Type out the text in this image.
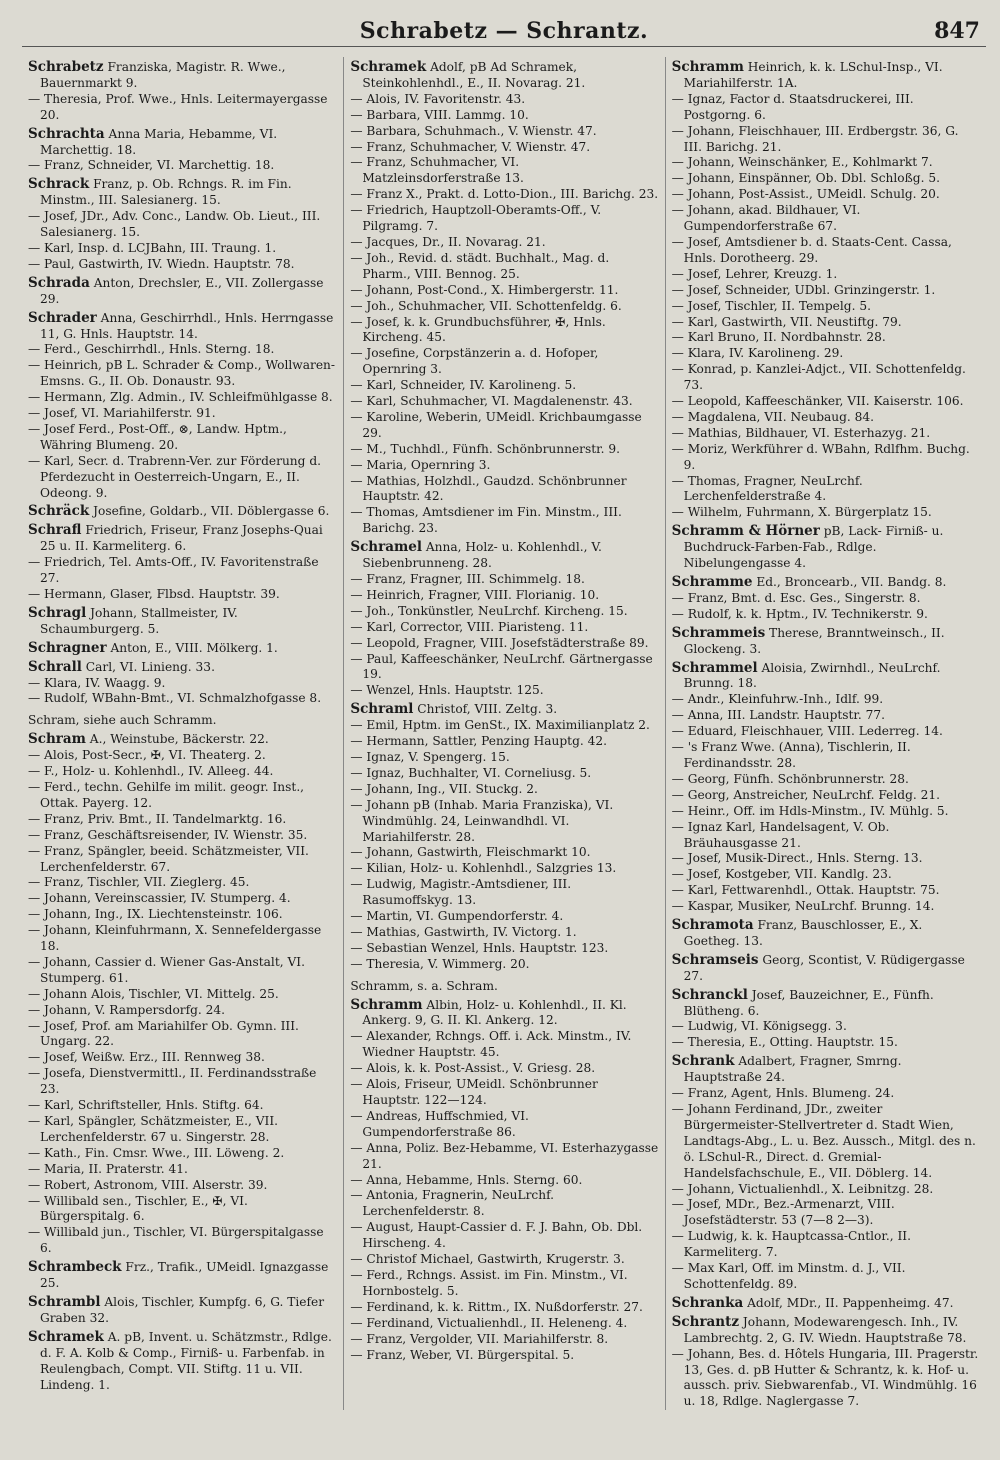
Schrabetz — Schrantz.	847

Schrabetz Franziska, Magistr. R. Wwe., Bauernmarkt 9.

— Theresia, Prof. Wwe., Hnls. Leitermayergasse 20.

Schrachta Anna Maria, Hebamme, VI. Marchettig. 18.

— Franz, Schneider, VI. Marchettig. 18.

Schrack Franz, p. Ob. Rchngs. R. im Fin. Minstm., III. Salesianerg. 15.

— Josef, JDr., Adv. Conc., Landw. Ob. Lieut., III. Salesianerg. 15.

— Karl, Insp. d. LCJBahn, III. Traung. 1.

— Paul, Gastwirth, IV. Wiedn. Hauptstr. 78.

Schrada Anton, Drechsler, E., VII. Zollergasse 29.

Schrader Anna, Geschirrhdl., Hnls. Herrngasse 11, G. Hnls. Hauptstr. 14.

— Ferd., Geschirrhdl., Hnls. Sterng. 18.

— Heinrich, pB L. Schrader & Comp., Wollwaren-Emsns. G., II. Ob. Donaustr. 93.

— Hermann, Zlg. Admin., IV. Schleifmühlgasse 8.

— Josef, VI. Mariahilferstr. 91.

— Josef Ferd., Post-Off., ⊗, Landw. Hptm., Währing Blumeng. 20.

— Karl, Secr. d. Trabrenn-Ver. zur Förderung d. Pferdezucht in Oesterreich-Ungarn, E., II. Odeong. 9.

Schräck Josefine, Goldarb., VII. Döblergasse 6.

Schrafl Friedrich, Friseur, Franz Josephs-Quai 25 u. II. Karmeliterg. 6.

— Friedrich, Tel. Amts-Off., IV. Favoritenstraße 27.

— Hermann, Glaser, Flbsd. Hauptstr. 39.

Schragl Johann, Stallmeister, IV. Schaumburgerg. 5.

Schragner Anton, E., VIII. Mölkerg. 1.

Schrall Carl, VI. Linieng. 33.

— Klara, IV. Waagg. 9.

— Rudolf, WBahn-Bmt., VI. Schmalzhofgasse 8.

Schram, siehe auch Schramm.

Schram A., Weinstube, Bäckerstr. 22.

— Alois, Post-Secr., ✠, VI. Theaterg. 2.

— F., Holz- u. Kohlenhdl., IV. Alleeg. 44.

— Ferd., techn. Gehilfe im milit. geogr. Inst., Ottak. Payerg. 12.

— Franz, Priv. Bmt., II. Tandelmarktg. 16.

— Franz, Geschäftsreisender, IV. Wienstr. 35.

— Franz, Spängler, beeid. Schätzmeister, VII. Lerchenfelderstr. 67.

— Franz, Tischler, VII. Zieglerg. 45.

— Johann, Vereinscassier, IV. Stumperg. 4.

— Johann, Ing., IX. Liechtensteinstr. 106.

— Johann, Kleinfuhrmann, X. Sennefeldergasse 18.

— Johann, Cassier d. Wiener Gas-Anstalt, VI. Stumperg. 61.

— Johann Alois, Tischler, VI. Mittelg. 25.

— Johann, V. Rampersdorfg. 24.

— Josef, Prof. am Mariahilfer Ob. Gymn. III. Ungarg. 22.

— Josef, Weißw. Erz., III. Rennweg 38.

— Josefa, Dienstvermittl., II. Ferdinandsstraße 23.

— Karl, Schriftsteller, Hnls. Stiftg. 64.

— Karl, Spängler, Schätzmeister, E., VII. Lerchenfelderstr. 67 u. Singerstr. 28.

— Kath., Fin. Cmsr. Wwe., III. Löweng. 2.

— Maria, II. Praterstr. 41.

— Robert, Astronom, VIII. Alserstr. 39.

— Willibald sen., Tischler, E., ✠, VI. Bürgerspitalg. 6.

— Willibald jun., Tischler, VI. Bürgerspitalgasse 6.

Schrambeck Frz., Trafik., UMeidl. Ignazgasse 25.

Schrambl Alois, Tischler, Kumpfg. 6, G. Tiefer Graben 32.

Schramek A. pB, Invent. u. Schätzmstr., Rdlge. d. F. A. Kolb & Comp., Firniß- u. Farbenfab. in Reulengbach, Compt. VII. Stiftg. 11 u. VII. Lindeng. 1.

Schramek Adolf, pB Ad Schramek, Steinkohlenhdl., E., II. Novarag. 21.

— Alois, IV. Favoritenstr. 43.

— Barbara, VIII. Lammg. 10.

— Barbara, Schuhmach., V. Wienstr. 47.

— Franz, Schuhmacher, V. Wienstr. 47.

— Franz, Schuhmacher, VI. Matzleinsdorferstraße 13.

— Franz X., Prakt. d. Lotto-Dion., III. Barichg. 23.

— Friedrich, Hauptzoll-Oberamts-Off., V. Pilgramg. 7.

— Jacques, Dr., II. Novarag. 21.

— Joh., Revid. d. städt. Buchhalt., Mag. d. Pharm., VIII. Bennog. 25.

— Johann, Post-Cond., X. Himbergerstr. 11.

— Joh., Schuhmacher, VII. Schottenfeldg. 6.

— Josef, k. k. Grundbuchsführer, ✠, Hnls. Kircheng. 45.

— Josefine, Corpstänzerin a. d. Hofoper, Opernring 3.

— Karl, Schneider, IV. Karolineng. 5.

— Karl, Schuhmacher, VI. Magdalenenstr. 43.

— Karoline, Weberin, UMeidl. Krichbaumgasse 29.

— M., Tuchhdl., Fünfh. Schönbrunnerstr. 9.

— Maria, Opernring 3.

— Mathias, Holzhdl., Gaudzd. Schönbrunner Hauptstr. 42.

— Thomas, Amtsdiener im Fin. Minstm., III. Barichg. 23.

Schramel Anna, Holz- u. Kohlenhdl., V. Siebenbrunneng. 28.

— Franz, Fragner, III. Schimmelg. 18.

— Heinrich, Fragner, VIII. Florianig. 10.

— Joh., Tonkünstler, NeuLrchf. Kircheng. 15.

— Karl, Corrector, VIII. Piaristeng. 11.

— Leopold, Fragner, VIII. Josefstädterstraße 89.

— Paul, Kaffeeschänker, NeuLrchf. Gärtnergasse 19.

— Wenzel, Hnls. Hauptstr. 125.

Schraml Christof, VIII. Zeltg. 3.

— Emil, Hptm. im GenSt., IX. Maximilianplatz 2.

— Hermann, Sattler, Penzing Hauptg. 42.

— Ignaz, V. Spengerg. 15.

— Ignaz, Buchhalter, VI. Corneliusg. 5.

— Johann, Ing., VII. Stuckg. 2.

— Johann pB (Inhab. Maria Franziska), VI. Windmühlg. 24, Leinwandhdl. VI. Mariahilferstr. 28.

— Johann, Gastwirth, Fleischmarkt 10.

— Kilian, Holz- u. Kohlenhdl., Salzgries 13.

— Ludwig, Magistr.-Amtsdiener, III. Rasumoffskyg. 13.

— Martin, VI. Gumpendorferstr. 4.

— Mathias, Gastwirth, IV. Victorg. 1.

— Sebastian Wenzel, Hnls. Hauptstr. 123.

— Theresia, V. Wimmerg. 20.

Schramm, s. a. Schram.

Schramm Albin, Holz- u. Kohlenhdl., II. Kl. Ankerg. 9, G. II. Kl. Ankerg. 12.

— Alexander, Rchngs. Off. i. Ack. Minstm., IV. Wiedner Hauptstr. 45.

— Alois, k. k. Post-Assist., V. Griesg. 28.

— Alois, Friseur, UMeidl. Schönbrunner Hauptstr. 122—124.

— Andreas, Huffschmied, VI. Gumpendorferstraße 86.

— Anna, Poliz. Bez-Hebamme, VI. Esterhazygasse 21.

— Anna, Hebamme, Hnls. Sterng. 60.

— Antonia, Fragnerin, NeuLrchf. Lerchenfelderstr. 8.

— August, Haupt-Cassier d. F. J. Bahn, Ob. Dbl. Hirscheng. 4.

— Christof Michael, Gastwirth, Krugerstr. 3.

— Ferd., Rchngs. Assist. im Fin. Minstm., VI. Hornbostelg. 5.

— Ferdinand, k. k. Rittm., IX. Nußdorferstr. 27.

— Ferdinand, Victualienhdl., II. Heleneng. 4.

— Franz, Vergolder, VII. Mariahilferstr. 8.

— Franz, Weber, VI. Bürgerspital. 5.

Schramm Heinrich, k. k. LSchul-Insp., VI. Mariahilferstr. 1A.

— Ignaz, Factor d. Staatsdruckerei, III. Postgorng. 6.

— Johann, Fleischhauer, III. Erdbergstr. 36, G. III. Barichg. 21.

— Johann, Weinschänker, E., Kohlmarkt 7.

— Johann, Einspänner, Ob. Dbl. Schloßg. 5.

— Johann, Post-Assist., UMeidl. Schulg. 20.

— Johann, akad. Bildhauer, VI. Gumpendorferstraße 67.

— Josef, Amtsdiener b. d. Staats-Cent. Cassa, Hnls. Dorotheerg. 29.

— Josef, Lehrer, Kreuzg. 1.

— Josef, Schneider, UDbl. Grinzingerstr. 1.

— Josef, Tischler, II. Tempelg. 5.

— Karl, Gastwirth, VII. Neustiftg. 79.

— Karl Bruno, II. Nordbahnstr. 28.

— Klara, IV. Karolineng. 29.

— Konrad, p. Kanzlei-Adjct., VII. Schottenfeldg. 73.

— Leopold, Kaffeeschänker, VII. Kaiserstr. 106.

— Magdalena, VII. Neubaug. 84.

— Mathias, Bildhauer, VI. Esterhazyg. 21.

— Moriz, Werkführer d. WBahn, Rdlfhm. Buchg. 9.

— Thomas, Fragner, NeuLrchf. Lerchenfelderstraße 4.

— Wilhelm, Fuhrmann, X. Bürgerplatz 15.

Schramm & Hörner pB, Lack- Firniß- u. Buchdruck-Farben-Fab., Rdlge. Nibelungengasse 4.

Schramme Ed., Broncearb., VII. Bandg. 8.

— Franz, Bmt. d. Esc. Ges., Singerstr. 8.

— Rudolf, k. k. Hptm., IV. Technikerstr. 9.

Schrammeis Therese, Branntweinsch., II. Glockeng. 3.

Schrammel Aloisia, Zwirnhdl., NeuLrchf. Brunng. 18.

— Andr., Kleinfuhrw.-Inh., Idlf. 99.

— Anna, III. Landstr. Hauptstr. 77.

— Eduard, Fleischhauer, VIII. Lederreg. 14.

— 's Franz Wwe. (Anna), Tischlerin, II. Ferdinandsstr. 28.

— Georg, Fünfh. Schönbrunnerstr. 28.

— Georg, Anstreicher, NeuLrchf. Feldg. 21.

— Heinr., Off. im Hdls-Minstm., IV. Mühlg. 5.

— Ignaz Karl, Handelsagent, V. Ob. Bräuhausgasse 21.

— Josef, Musik-Direct., Hnls. Sterng. 13.

— Josef, Kostgeber, VII. Kandlg. 23.

— Karl, Fettwarenhdl., Ottak. Hauptstr. 75.

— Kaspar, Musiker, NeuLrchf. Brunng. 14.

Schramota Franz, Bauschlosser, E., X. Goetheg. 13.

Schramseis Georg, Scontist, V. Rüdigergasse 27.

Schranckl Josef, Bauzeichner, E., Fünfh. Blütheng. 6.

— Ludwig, VI. Königsegg. 3.

— Theresia, E., Otting. Hauptstr. 15.

Schrank Adalbert, Fragner, Smrng. Hauptstraße 24.

— Franz, Agent, Hnls. Blumeng. 24.

— Johann Ferdinand, JDr., zweiter Bürgermeister-Stellvertreter d. Stadt Wien, Landtags-Abg., L. u. Bez. Aussch., Mitgl. des n. ö. LSchul-R., Direct. d. Gremial-Handelsfachschule, E., VII. Döblerg. 14.

— Johann, Victualienhdl., X. Leibnitzg. 28.

— Josef, MDr., Bez.-Armenarzt, VIII. Josefstädterstr. 53 (7—8 2—3).

— Ludwig, k. k. Hauptcassa-Cntlor., II. Karmeliterg. 7.

— Max Karl, Off. im Minstm. d. J., VII. Schottenfeldg. 89.

Schranka Adolf, MDr., II. Pappenheimg. 47.

Schrantz Johann, Modewarengesch. Inh., IV. Lambrechtg. 2, G. IV. Wiedn. Hauptstraße 78.

— Johann, Bes. d. Hôtels Hungaria, III. Pragerstr. 13, Ges. d. pB Hutter & Schrantz, k. k. Hof- u. aussch. priv. Siebwarenfab., VI. Windmühlg. 16 u. 18, Rdlge. Naglergasse 7.
